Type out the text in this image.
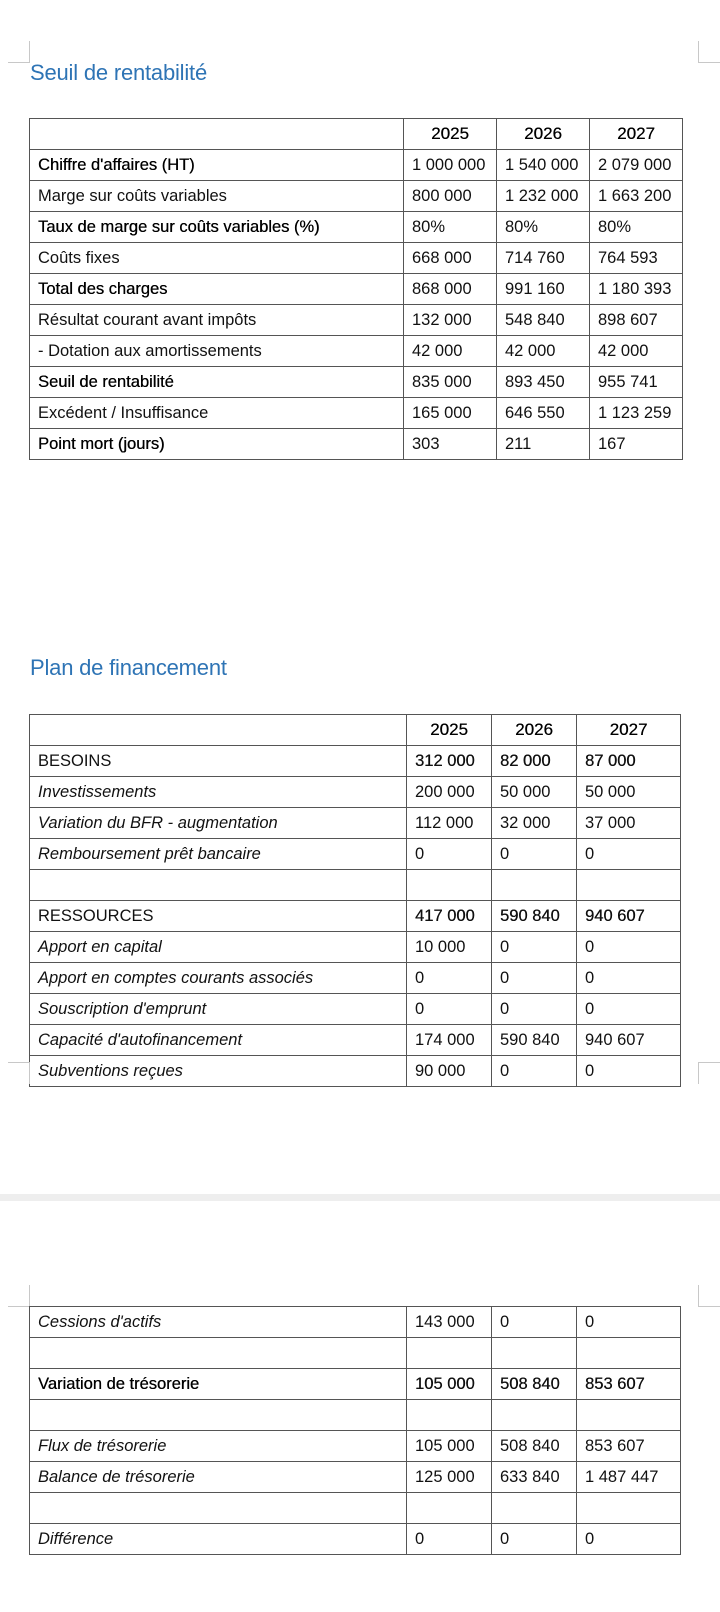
Seuil de rentabilité
	2025	2026	2027
Chiffre d'affaires (HT)	1 000 000	1 540 000	2 079 000
Marge sur coûts variables	800 000	1 232 000	1 663 200
Taux de marge sur coûts variables (%)	80%	80%	80%
Coûts fixes	668 000	714 760	764 593
Total des charges	868 000	991 160	1 180 393
Résultat courant avant impôts	132 000	548 840	898 607
- Dotation aux amortissements	42 000	42 000	42 000
Seuil de rentabilité	835 000	893 450	955 741
Excédent / Insuffisance	165 000	646 550	1 123 259
Point mort (jours)	303	211	167
Plan de financement
	2025	2026	2027
BESOINS	312 000	82 000	87 000
Investissements	200 000	50 000	50 000
Variation du BFR - augmentation	112 000	32 000	37 000
Remboursement prêt bancaire	0	0	0

RESSOURCES	417 000	590 840	940 607
Apport en capital	10 000	0	0
Apport en comptes courants associés	0	0	0
Souscription d'emprunt	0	0	0
Capacité d'autofinancement	174 000	590 840	940 607
Subventions reçues	90 000	0	0
Cessions d'actifs	143 000	0	0

Variation de trésorerie	105 000	508 840	853 607

Flux de trésorerie	105 000	508 840	853 607
Balance de trésorerie	125 000	633 840	1 487 447

Différence	0	0	0
